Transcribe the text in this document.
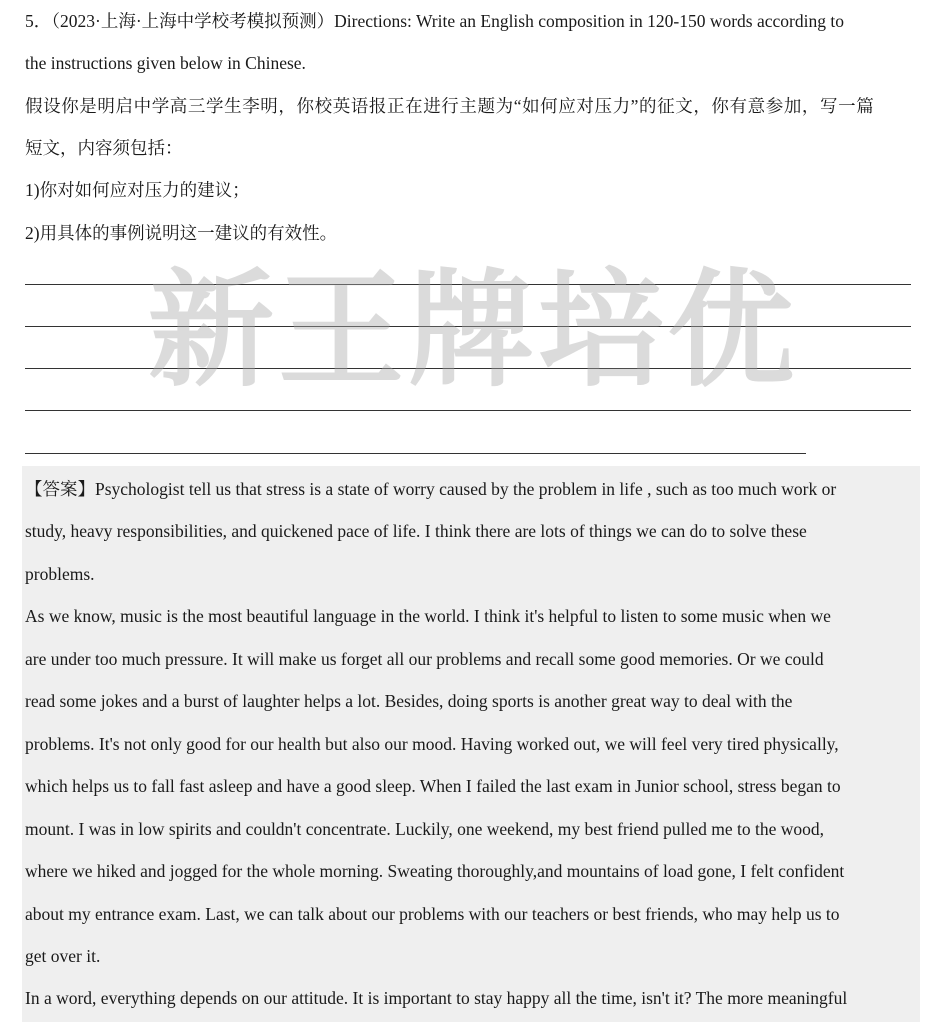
5．（2023·上海·上海中学校考模拟预测）Directions: Write an English composition in 120-150 words according to
the instructions given below in Chinese.
假设你是明启中学高三学生李明，你校英语报正在进行主题为“如何应对压力”的征文，你有意参加，写一篇
短文，内容须包括：
1)你对如何应对压力的建议；
2)用具体的事例说明这一建议的有效性。
【答案】Psychologist tell us that stress is a state of worry caused by the problem in life , such as too much work or
study, heavy responsibilities, and quickened pace of life. I think there are lots of things we can do to solve these
problems.
As we know, music is the most beautiful language in the world. I think it's helpful to listen to some music when we
are under too much pressure. It will make us forget all our problems and recall some good memories. Or we could
read some jokes and a burst of laughter helps a lot. Besides, doing sports is another great way to deal with the
problems. It's not only good for our health but also our mood. Having worked out, we will feel very tired physically,
which helps us to fall fast asleep and have a good sleep. When I failed the last exam in Junior school, stress began to
mount. I was in low spirits and couldn't concentrate. Luckily, one weekend, my best friend pulled me to the wood,
where we hiked and jogged for the whole morning. Sweating thoroughly,and mountains of load gone, I felt confident
about my entrance exam. Last, we can talk about our problems with our teachers or best friends, who may help us to
get over it.
In a word, everything depends on our attitude. It is important to stay happy all the time, isn't it? The more meaningful
新王牌培优
